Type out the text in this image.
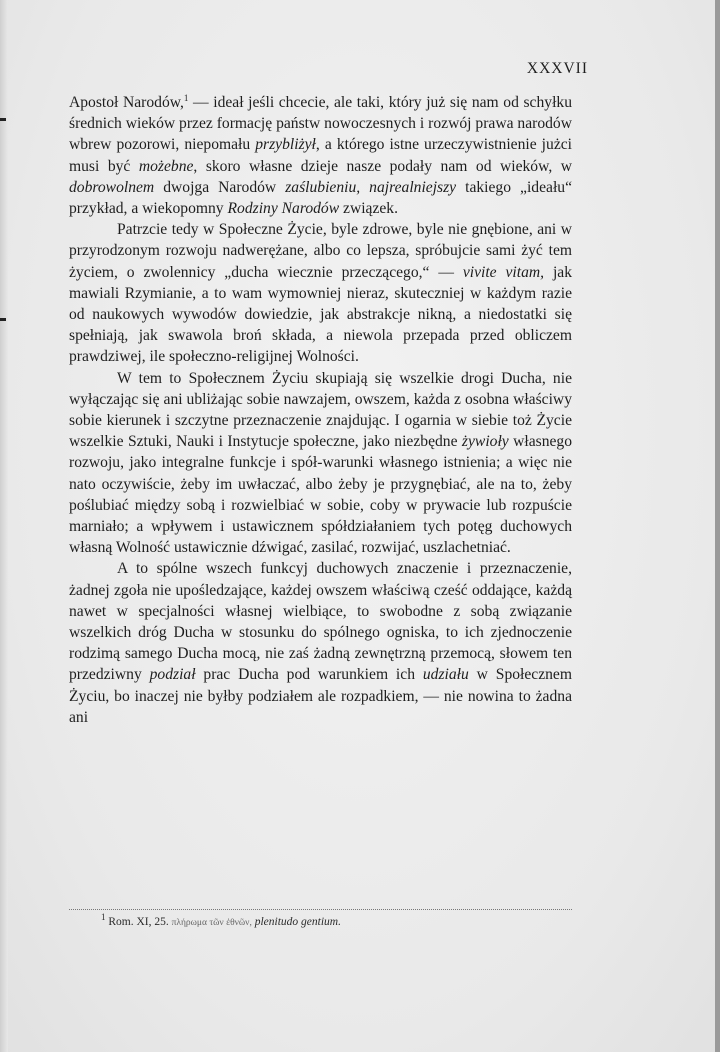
XXXVII

Apostoł Narodów,$^1$ — ideał jeśli chcecie, ale taki, który już się nam od schyłku średnich wieków przez formację państw nowoczesnych i rozwój prawa narodów wbrew pozorowi, niepomału przybliżył, a którego istne urzeczywistnienie jużci musi być możebne, skoro własne dzieje nasze podały nam od wieków, w dobrowolnem dwojga Narodów zaślubieniu, najrealniejszy takiego „ideału“ przykład, a wiekopomny Rodziny Narodów związek.

Patrzcie tedy w Społeczne Życie, byle zdrowe, byle nie gnębione, ani w przyrodzonym rozwoju nadwerężane, albo co lepsza, spróbujcie sami żyć tem życiem, o zwolennicy „ducha wiecznie przeczącego,“ — vivite vitam, jak mawiali Rzymianie, a to wam wymowniej nieraz, skuteczniej w każdym razie od naukowych wywodów dowiedzie, jak abstrakcje nikną, a niedostatki się spełniają, jak swawola broń składa, a niewola przepada przed obliczem prawdziwej, ile społeczno-religijnej Wolności.

W tem to Społecznem Życiu skupiają się wszelkie drogi Ducha, nie wyłączając się ani ubliżając sobie nawzajem, owszem, każda z osobna właściwy sobie kierunek i szczytne przeznaczenie znajdując. I ogarnia w siebie toż Życie wszelkie Sztuki, Nauki i Instytucje społeczne, jako niezbędne żywioły własnego rozwoju, jako integralne funkcje i spół-warunki własnego istnienia; a więc nie nato oczywiście, żeby im uwłaczać, albo żeby je przygnębiać, ale na to, żeby poślubiać między sobą i rozwielbiać w sobie, coby w prywacie lub rozpuście marniało; a wpływem i ustawicznem spółdziałaniem tych potęg duchowych własną Wolność ustawicznie dźwigać, zasilać, rozwijać, uszlachetniać.

A to spólne wszech funkcyj duchowych znaczenie i przeznaczenie, żadnej zgoła nie upośledzające, każdej owszem właściwą cześć oddające, każdą nawet w specjalności własnej wielbiące, to swobodne z sobą związanie wszelkich dróg Ducha w stosunku do spólnego ogniska, to ich zjednoczenie rodzimą samego Ducha mocą, nie zaś żadną zewnętrzną przemocą, słowem ten przedziwny podział prac Ducha pod warunkiem ich udziału w Społecznem Życiu, bo inaczej nie byłby podziałem ale rozpadkiem, — nie nowina to żadna ani

$^1$ Rom. XI, 25. πλήρωμα τῶν ἐθνῶν, plenitudo gentium.
